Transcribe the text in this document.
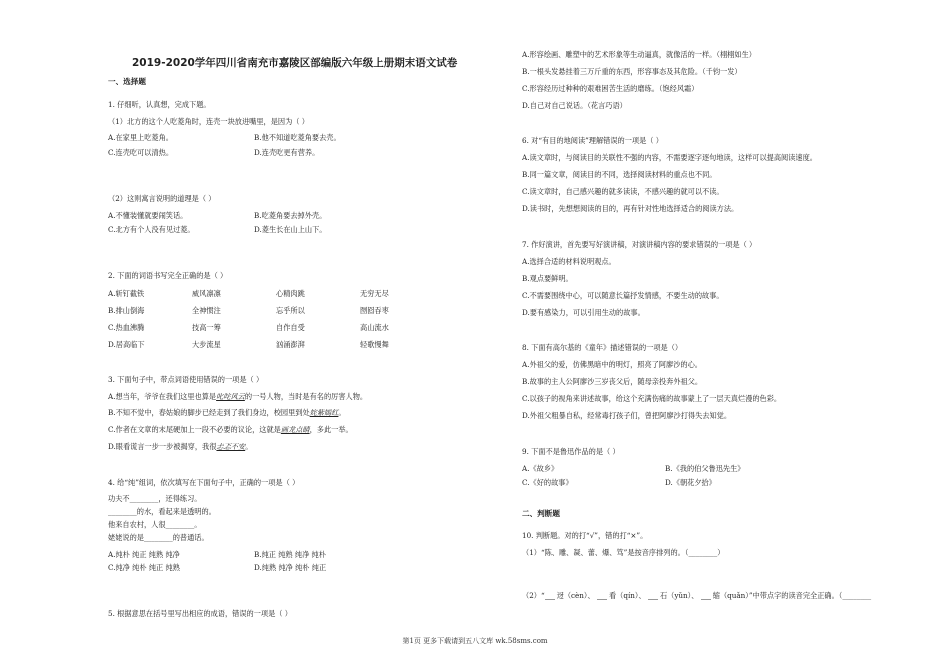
2019-2020学年四川省南充市嘉陵区部编版六年级上册期末语文试卷
一、选择题
1. 仔细听，认真想，完成下题。
（1）北方的这个人吃菱角时，连壳一块放进嘴里，是因为（ ）
A.在家里上吃菱角。	B.他不知道吃菱角要去壳。
C.连壳吃可以清热。	D.连壳吃更有营养。
（2）这则寓言说明的道理是（ ）
A.不懂装懂就要闹笑话。	B.吃菱角要去掉外壳。
C.北方有个人没有见过菱。	D.菱生长在山上山下。
2. 下面的词语书写完全正确的是（ ）
A.斩钉截铁	威风凛凛	心精肉跳	无穷无尽
B.排山倒海	全神惯注	忘乎所以	囫囵吞枣
C.热血沸腾	技高一筹	自作自受	高山流水
D.居高临下	大步流星	汹涌澎湃	轻歌慢舞
3. 下面句子中，带点词语使用错误的一项是（ ）
A.想当年，爷爷在我们这里也算是叱咤风云的一号人物，当时是有名的厉害人物。
B.不知不觉中，春姑娘的脚步已经走到了我们身边，校园里到处姹紫嫣红。
C.作者在文章的末尾硬加上一段不必要的议论，这就是画龙点睛，多此一举。
D.眼看谎言一步一步被揭穿，我很忐忑不安。
4. 给“纯”组词，依次填写在下面句子中，正确的一项是（ ）
功夫不________，还得练习。
________的水，看起来是透明的。
他来自农村，人很________。
姥姥说的是________的普通话。
A.纯朴 纯正 纯熟 纯净	B.纯正 纯熟 纯净 纯朴
C.纯净 纯朴 纯正 纯熟	D.纯熟 纯净 纯朴 纯正
5. 根据意思在括号里写出相应的成语，错误的一项是（ ）
A.形容绘画、雕塑中的艺术形象等生动逼真，就像活的一样。（栩栩如生）
B.一根头发悬挂着三万斤重的东西，形容事态及其危险。（千钧一发）
C.形容经历过种种的艰难困苦生活的磨练。（饱经风霜）
D.自己对自己说话。（花言巧语）
6. 对“有目的地阅读”理解错误的一项是（ ）
A.读文章时，与阅读目的关联性不强的内容，不需要逐字逐句地读，这样可以提高阅读速度。
B.同一篇文章，阅读目的不同，选择阅读材料的重点也不同。
C.读文章时，自己感兴趣的就多读读，不感兴趣的就可以不读。
D.读书时，先想想阅读的目的，再有针对性地选择适合的阅读方法。
7. 作好演讲，首先要写好演讲稿，对演讲稿内容的要求错误的一项是（ ）
A.选择合适的材料说明观点。
B.观点要鲜明。
C.不需要围绕中心，可以随意长篇抒发情感，不要生动的故事。
D.要有感染力，可以引用生动的故事。
8. 下面有高尔基的《童年》描述错误的一项是（）
A.外祖父的爱，仿佛黑暗中的明灯，照亮了阿廖沙的心。
B.故事的主人公阿廖沙三岁丧父后，随母亲投奔外祖父。
C.以孩子的视角来讲述故事，给这个充满伤痛的故事蒙上了一层天真烂漫的色彩。
D.外祖父粗暴自私，经常毒打孩子们，曾把阿廖沙打得失去知觉。
9. 下面不是鲁迅作品的是（ ）
A.《故乡》	B.《我的伯父鲁迅先生》
C.《好的故事》	D.《朝花夕拾》
二、判断题
10. 判断题。对的打“√”，错的打“×”。
（1）“陈、雕、凝、蕾、爆、笃”是按音序排列的。（________）
（2）“ 迓（cèn）、 看（qín）、 石（yǔn）、 缩（quǎn）”中带点字的读音完全正确。（________
第1页 更多下载请到五八文库 wk.58sms.com
